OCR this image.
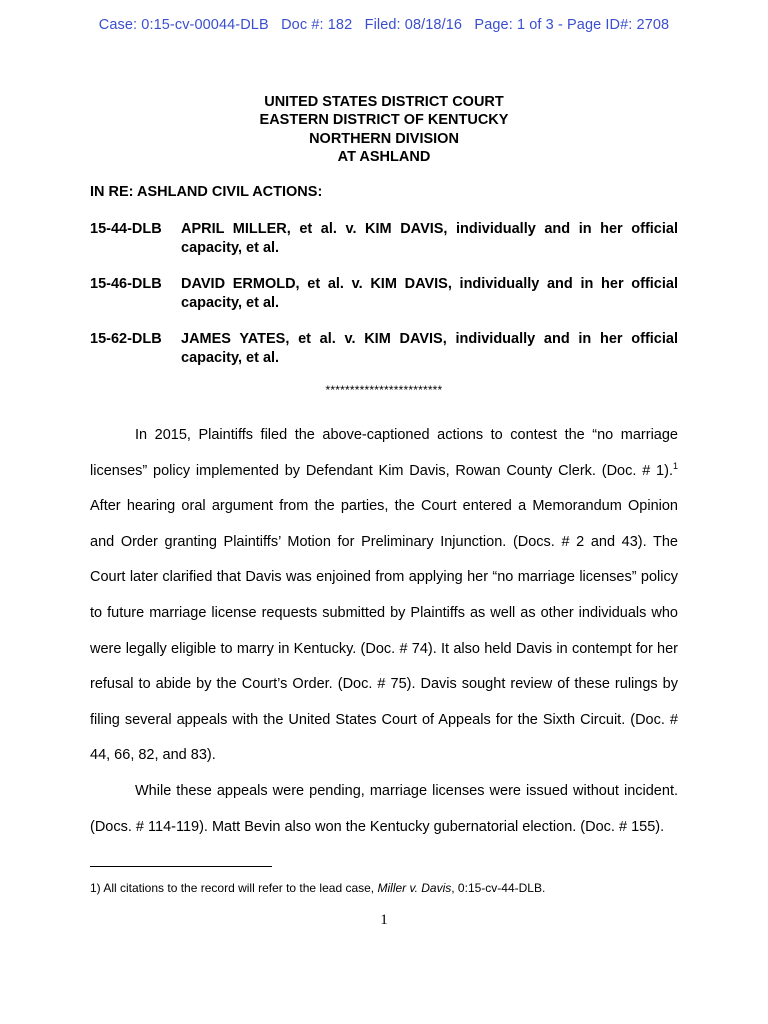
Case: 0:15-cv-00044-DLB   Doc #: 182   Filed: 08/18/16   Page: 1 of 3 - Page ID#: 2708
UNITED STATES DISTRICT COURT
EASTERN DISTRICT OF KENTUCKY
NORTHERN DIVISION
AT ASHLAND
IN RE: ASHLAND CIVIL ACTIONS:
15-44-DLB APRIL MILLER, et al. v. KIM DAVIS, individually and in her official capacity, et al.
15-46-DLB DAVID ERMOLD, et al. v. KIM DAVIS, individually and in her official capacity, et al.
15-62-DLB JAMES YATES, et al. v. KIM DAVIS, individually and in her official capacity, et al.
************************

In 2015, Plaintiffs filed the above-captioned actions to contest the “no marriage licenses” policy implemented by Defendant Kim Davis, Rowan County Clerk. (Doc. # 1).$^1$ After hearing oral argument from the parties, the Court entered a Memorandum Opinion and Order granting Plaintiffs’ Motion for Preliminary Injunction. (Docs. # 2 and 43). The Court later clarified that Davis was enjoined from applying her “no marriage licenses” policy to future marriage license requests submitted by Plaintiffs as well as other individuals who were legally eligible to marry in Kentucky. (Doc. # 74). It also held Davis in contempt for her refusal to abide by the Court’s Order. (Doc. # 75). Davis sought review of these rulings by filing several appeals with the United States Court of Appeals for the Sixth Circuit. (Doc. # 44, 66, 82, and 83).

While these appeals were pending, marriage licenses were issued without incident. (Docs. # 114-119). Matt Bevin also won the Kentucky gubernatorial election. (Doc. # 155).

1) All citations to the record will refer to the lead case, Miller v. Davis, 0:15-cv-44-DLB.
1
